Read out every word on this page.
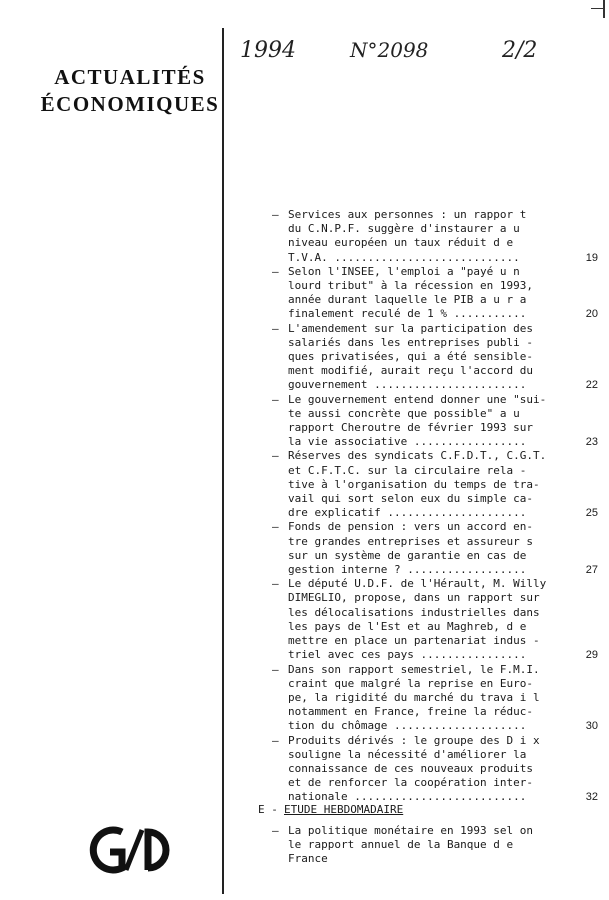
ACTUALITÉS
ÉCONOMIQUES
1994	N°2098	2/2
– Services aux personnes : un rappor t
du C.N.P.F. suggère d'instaurer a u
niveau européen un taux réduit d e
T.V.A. ............................	19
– Selon l'INSEE, l'emploi a "payé u n
lourd tribut" à la récession en 1993,
année durant laquelle le PIB a u r a
finalement reculé de 1 % ...........	20
– L'amendement sur la participation des
salariés dans les entreprises publi -
ques privatisées, qui a été sensible-
ment modifié, aurait reçu l'accord du
gouvernement .......................	22
– Le gouvernement entend donner une "sui-
te aussi concrète que possible" a u
rapport Cheroutre de février 1993 sur
la vie associative .................	23
– Réserves des syndicats C.F.D.T., C.G.T.
et C.F.T.C. sur la circulaire rela -
tive à l'organisation du temps de tra-
vail qui sort selon eux du simple ca-
dre explicatif .....................	25
– Fonds de pension : vers un accord en-
tre grandes entreprises et assureur s
sur un système de garantie en cas de
gestion interne ? ..................	27
– Le député U.D.F. de l'Hérault, M. Willy
DIMEGLIO, propose, dans un rapport sur
les délocalisations industrielles dans
les pays de l'Est et au Maghreb, d e
mettre en place un partenariat indus -
triel avec ces pays ................	29
– Dans son rapport semestriel, le F.M.I.
craint que malgré la reprise en Euro-
pe, la rigidité du marché du trava i l
notamment en France, freine la réduc-
tion du chômage ....................	30
– Produits dérivés : le groupe des D i x
souligne la nécessité d'améliorer la
connaissance de ces nouveaux produits
et de renforcer la coopération inter-
nationale ..........................	32
E - ETUDE HEBDOMADAIRE
– La politique monétaire en 1993 sel on
le rapport annuel de la Banque d e
France
